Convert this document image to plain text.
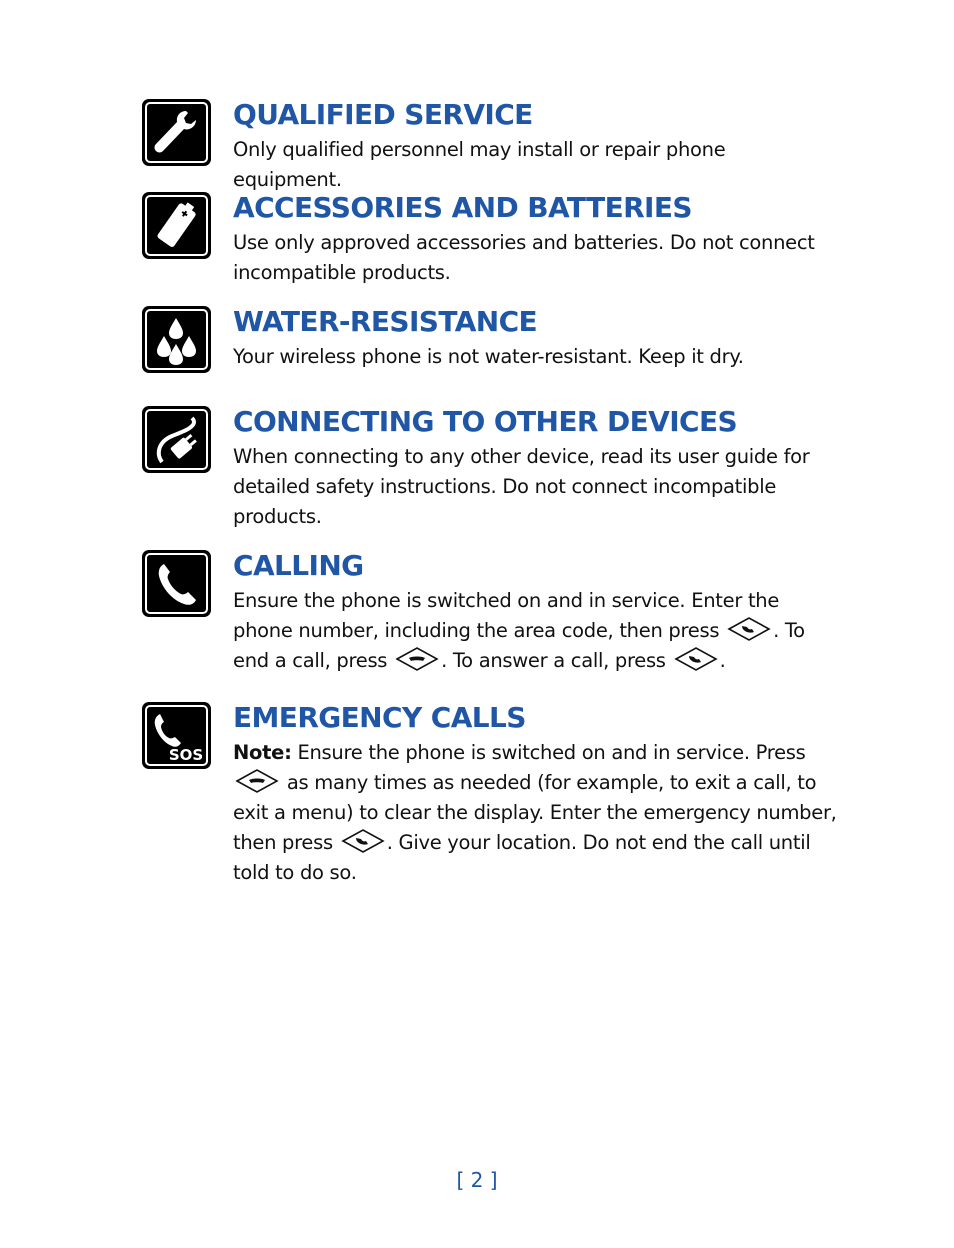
QUALIFIED SERVICE

Only qualified personnel may install or repair phone equipment.

ACCESSORIES AND BATTERIES

Use only approved accessories and batteries. Do not connect incompatible products.

WATER-RESISTANCE

Your wireless phone is not water-resistant. Keep it dry.

CONNECTING TO OTHER DEVICES

When connecting to any other device, read its user guide for detailed safety instructions. Do not connect incompatible products.

CALLING

Ensure the phone is switched on and in service. Enter the phone number, including the area code, then press . To end a call, press . To answer a call, press .

SOS
EMERGENCY CALLS

Note: Ensure the phone is switched on and in service. Press  as many times as needed (for example, to exit a call, to exit a menu) to clear the display. Enter the emergency number, then press . Give your location. Do not end the call until told to do so.

[ 2 ]
